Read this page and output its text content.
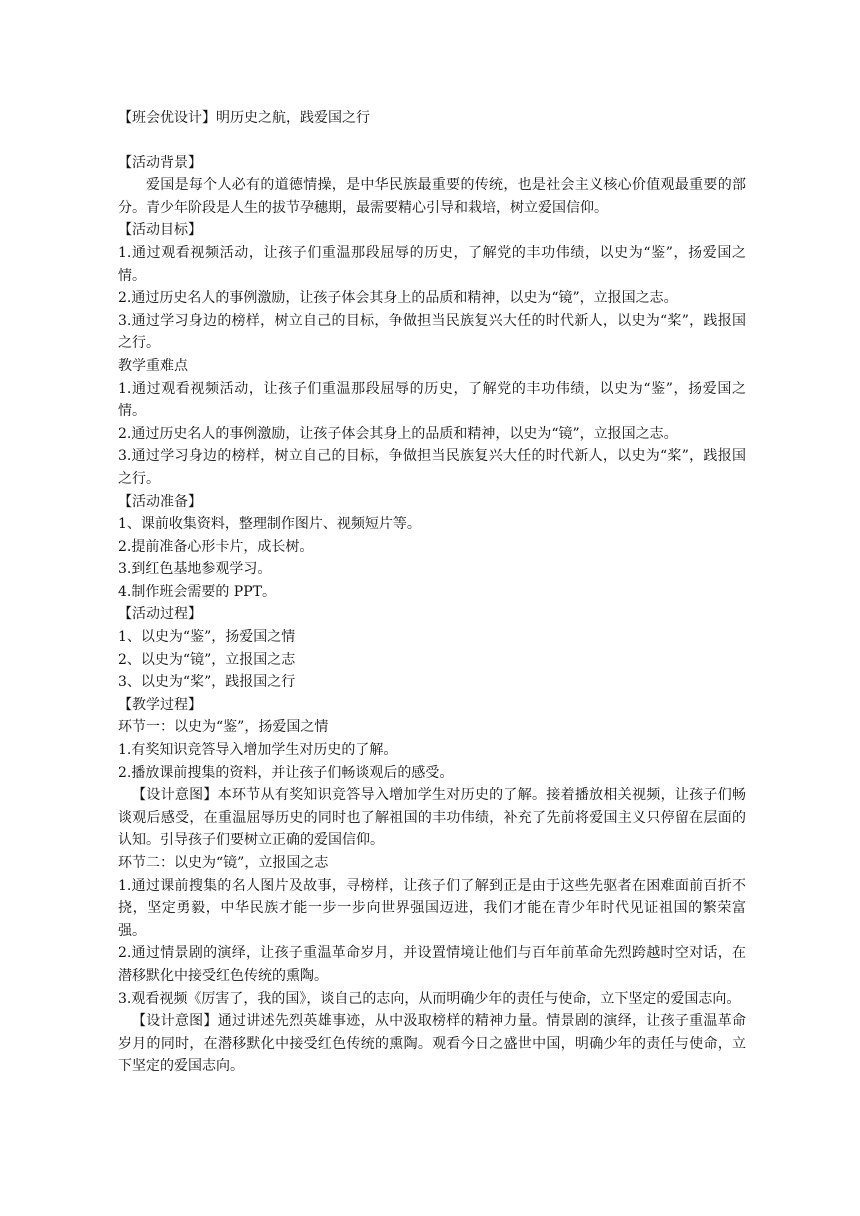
【班会优设计】明历史之航，践爱国之行

【活动背景】

爱国是每个人必有的道德情操，是中华民族最重要的传统，也是社会主义核心价值观最重要的部分。青少年阶段是人生的拔节孕穗期，最需要精心引导和栽培，树立爱国信仰。

【活动目标】

1.通过观看视频活动，让孩子们重温那段屈辱的历史，了解党的丰功伟绩，以史为“鉴”，扬爱国之情。

2.通过历史名人的事例激励，让孩子体会其身上的品质和精神，以史为“镜”，立报国之志。

3.通过学习身边的榜样，树立自己的目标，争做担当民族复兴大任的时代新人，以史为“桨”，践报国之行。

教学重难点

1.通过观看视频活动，让孩子们重温那段屈辱的历史，了解党的丰功伟绩，以史为“鉴”，扬爱国之情。

2.通过历史名人的事例激励，让孩子体会其身上的品质和精神，以史为“镜”，立报国之志。

3.通过学习身边的榜样，树立自己的目标，争做担当民族复兴大任的时代新人，以史为“桨”，践报国之行。

【活动准备】

1、课前收集资料，整理制作图片、视频短片等。

2.提前准备心形卡片，成长树。

3.到红色基地参观学习。

4.制作班会需要的 PPT。

【活动过程】

1、以史为“鉴”，扬爱国之情

2、以史为“镜”，立报国之志

3、以史为“桨”，践报国之行

【教学过程】

环节一：以史为“鉴”，扬爱国之情

1.有奖知识竞答导入增加学生对历史的了解。

2.播放课前搜集的资料，并让孩子们畅谈观后的感受。

【设计意图】本环节从有奖知识竞答导入增加学生对历史的了解。接着播放相关视频，让孩子们畅谈观后感受，在重温屈辱历史的同时也了解祖国的丰功伟绩，补充了先前将爱国主义只停留在层面的认知。引导孩子们要树立正确的爱国信仰。

环节二：以史为“镜”，立报国之志

1.通过课前搜集的名人图片及故事，寻榜样，让孩子们了解到正是由于这些先驱者在困难面前百折不挠，坚定勇毅，中华民族才能一步一步向世界强国迈进，我们才能在青少年时代见证祖国的繁荣富强。

2.通过情景剧的演绎，让孩子重温革命岁月，并设置情境让他们与百年前革命先烈跨越时空对话，在潜移默化中接受红色传统的熏陶。

3.观看视频《厉害了，我的国》，谈自己的志向，从而明确少年的责任与使命，立下坚定的爱国志向。

【设计意图】通过讲述先烈英雄事迹，从中汲取榜样的精神力量。情景剧的演绎，让孩子重温革命岁月的同时，在潜移默化中接受红色传统的熏陶。观看今日之盛世中国，明确少年的责任与使命，立下坚定的爱国志向。
